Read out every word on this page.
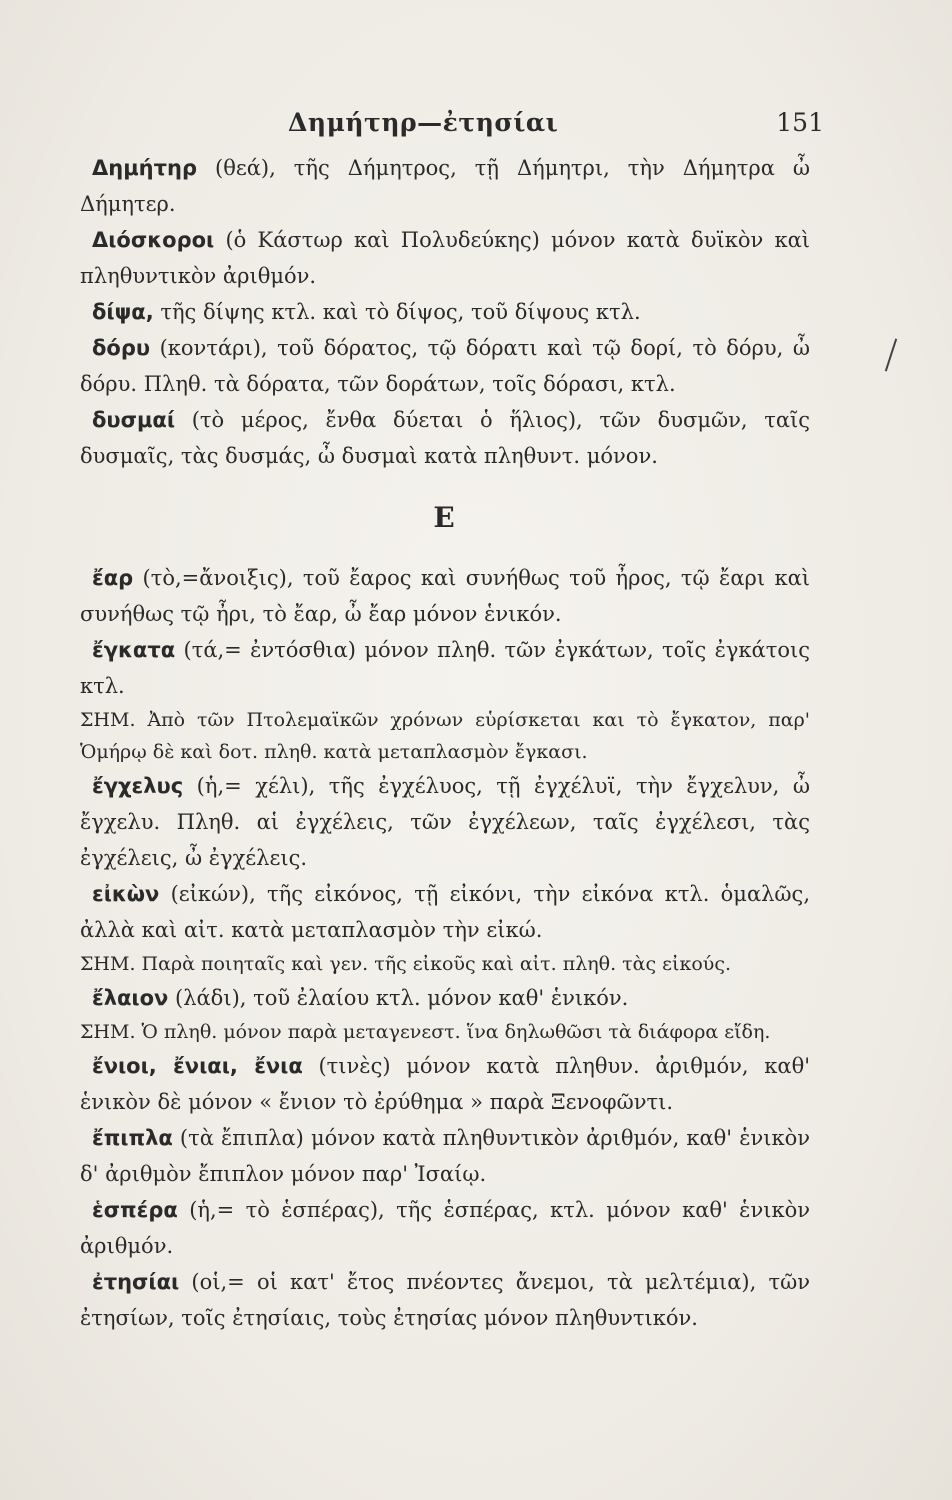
Δημήτηρ—ἐτησίαι	151

Δημήτηρ (θεά), τῆς Δήμητρος, τῇ Δήμητρι, τὴν Δήμητρα ὦ Δήμητερ.

Διόσκοροι (ὁ Κάστωρ καὶ Πολυδεύκης) μόνον κατὰ δυϊκὸν καὶ πληθυντικὸν ἀριθμόν.

δίψα, τῆς δίψης κτλ. καὶ τὸ δίψος, τοῦ δίψους κτλ.

δόρυ (κοντάρι), τοῦ δόρατος, τῷ δόρατι καὶ τῷ δορί, τὸ δόρυ, ὦ δόρυ. Πληθ. τὰ δόρατα, τῶν δοράτων, τοῖς δόρασι, κτλ.

δυσμαί (τὸ μέρος, ἔνθα δύεται ὁ ἥλιος), τῶν δυσμῶν, ταῖς δυσμαῖς, τὰς δυσμάς, ὦ δυσμαὶ κατὰ πληθυντ. μόνον.

Ε

ἔαρ (τὸ,=ἄνοιξις), τοῦ ἔαρος καὶ συνήθως τοῦ ἦρος, τῷ ἔαρι καὶ συνήθως τῷ ἦρι, τὸ ἔαρ, ὦ ἔαρ μόνον ἑνικόν.

ἔγκατα (τά,= ἐντόσθια) μόνον πληθ. τῶν ἐγκάτων, τοῖς ἐγκάτοις κτλ.

ΣΗΜ. Ἀπὸ τῶν Πτολεμαϊκῶν χρόνων εὑρίσκεται και τὸ ἔγκατον, παρ' Ὁμήρῳ δὲ καὶ δοτ. πληθ. κατὰ μεταπλασμὸν ἔγκασι.

ἔγχελυς (ἡ,= χέλι), τῆς ἐγχέλυος, τῇ ἐγχέλυϊ, τὴν ἔγχελυν, ὦ ἔγχελυ. Πληθ. αἱ ἐγχέλεις, τῶν ἐγχέλεων, ταῖς ἐγχέλεσι, τὰς ἐγχέλεις, ὦ ἐγχέλεις.

εἰκὼν (εἰκών), τῆς εἰκόνος, τῇ εἰκόνι, τὴν εἰκόνα κτλ. ὁμαλῶς, ἀλλὰ καὶ αἰτ. κατὰ μεταπλασμὸν τὴν εἰκώ.

ΣΗΜ. Παρὰ ποιηταῖς καὶ γεν. τῆς εἰκοῦς καὶ αἰτ. πληθ. τὰς εἰκούς.

ἔλαιον (λάδι), τοῦ ἐλαίου κτλ. μόνον καθ' ἑνικόν.

ΣΗΜ. Ὁ πληθ. μόνον παρὰ μεταγενεστ. ἵνα δηλωθῶσι τὰ διάφορα εἴδη.

ἔνιοι, ἔνιαι, ἔνια (τινὲς) μόνον κατὰ πληθυν. ἀριθμόν, καθ' ἑνικὸν δὲ μόνον « ἔνιον τὸ ἐρύθημα » παρὰ Ξενοφῶντι.

ἔπιπλα (τὰ ἔπιπλα) μόνον κατὰ πληθυντικὸν ἀριθμόν, καθ' ἑνικὸν δ' ἀριθμὸν ἔπιπλον μόνον παρ' Ἰσαίῳ.

ἑσπέρα (ἡ,= τὸ ἑσπέρας), τῆς ἑσπέρας, κτλ. μόνον καθ' ἑνικὸν ἀριθμόν.

ἐτησίαι (οἱ,= οἱ κατ' ἔτος πνέοντες ἄνεμοι, τὰ μελτέμια), τῶν ἐτησίων, τοῖς ἐτησίαις, τοὺς ἐτησίας μόνον πληθυντικόν.
